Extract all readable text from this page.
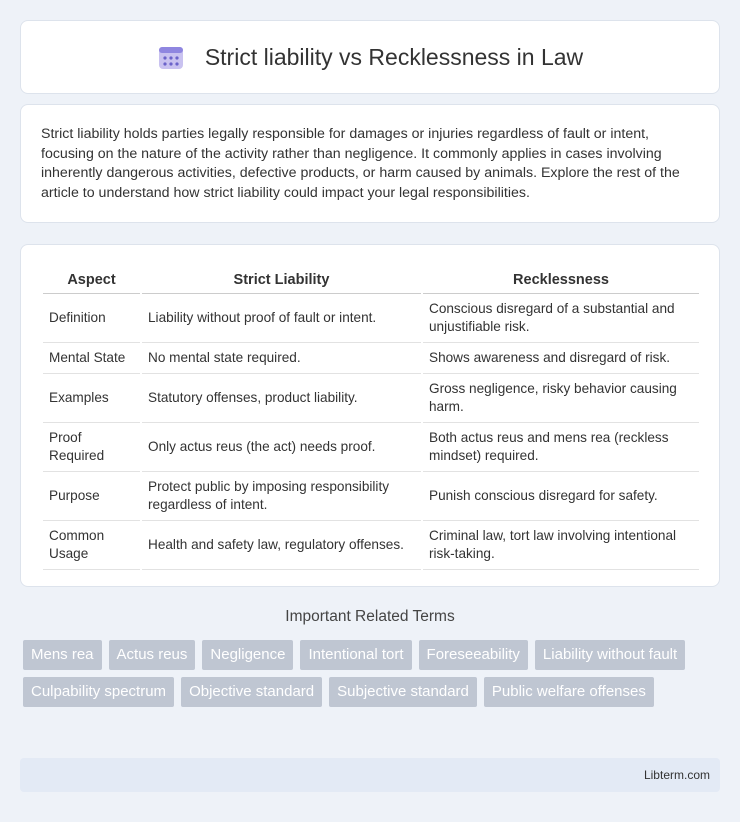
Strict liability vs Recklessness in Law

Strict liability holds parties legally responsible for damages or injuries regardless of fault or intent, focusing on the nature of the activity rather than negligence. It commonly applies in cases involving inherently dangerous activities, defective products, or harm caused by animals. Explore the rest of the article to understand how strict liability could impact your legal responsibilities.

Aspect	Strict Liability	Recklessness
Definition	Liability without proof of fault or intent.	Conscious disregard of a substantial and unjustifiable risk.
Mental State	No mental state required.	Shows awareness and disregard of risk.
Examples	Statutory offenses, product liability.	Gross negligence, risky behavior causing harm.
Proof Required	Only actus reus (the act) needs proof.	Both actus reus and mens rea (reckless mindset) required.
Purpose	Protect public by imposing responsibility regardless of intent.	Punish conscious disregard for safety.
Common Usage	Health and safety law, regulatory offenses.	Criminal law, tort law involving intentional risk-taking.
Important Related Terms
Mens rea	Actus reus	Negligence	Intentional tort	Foreseeability	Liability without fault
Culpability spectrum	Objective standard	Subjective standard	Public welfare offenses
Libterm.com
